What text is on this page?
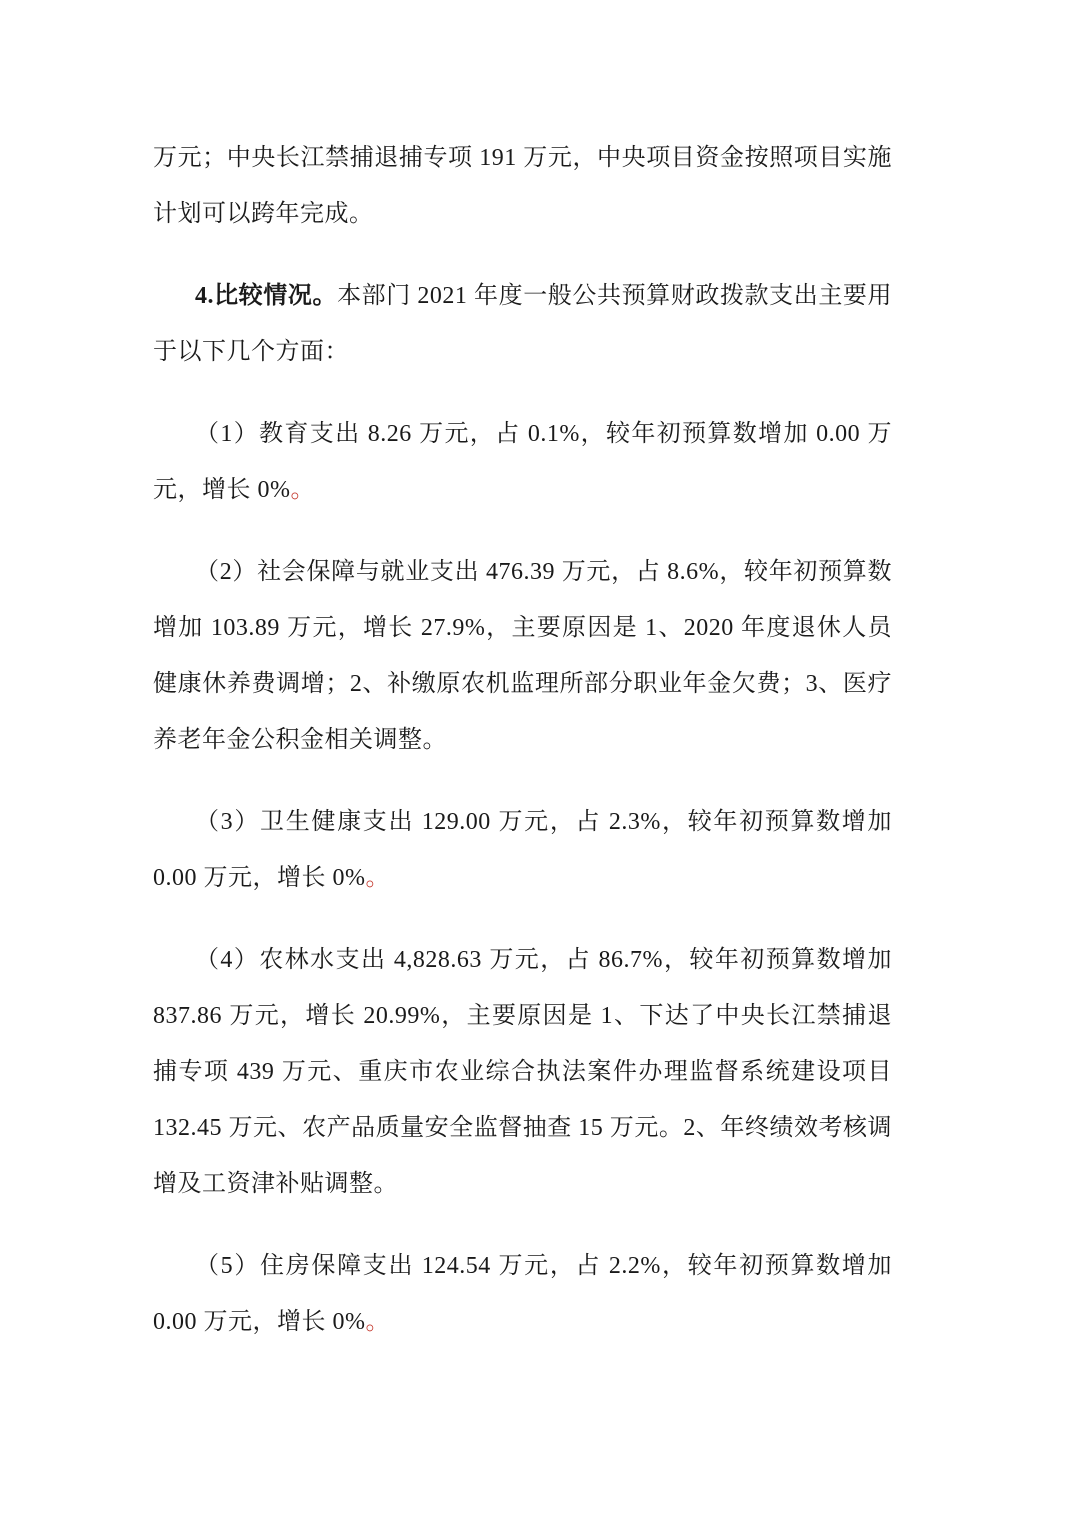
万元；中央长江禁捕退捕专项 191 万元，中央项目资金按照项目实施计划可以跨年完成。

4.比较情况。本部门 2021 年度一般公共预算财政拨款支出主要用于以下几个方面：

（1）教育支出 8.26 万元，占 0.1%，较年初预算数增加 0.00 万元，增长 0%。

（2）社会保障与就业支出 476.39 万元，占 8.6%，较年初预算数增加 103.89 万元，增长 27.9%，主要原因是 1、2020 年度退休人员健康休养费调增；2、补缴原农机监理所部分职业年金欠费；3、医疗养老年金公积金相关调整。

（3）卫生健康支出 129.00 万元，占 2.3%，较年初预算数增加 0.00 万元，增长 0%。

（4）农林水支出 4,828.63 万元，占 86.7%，较年初预算数增加 837.86 万元，增长 20.99%，主要原因是 1、下达了中央长江禁捕退捕专项 439 万元、重庆市农业综合执法案件办理监督系统建设项目 132.45 万元、农产品质量安全监督抽查 15 万元。2、年终绩效考核调增及工资津补贴调整。

（5）住房保障支出 124.54 万元，占 2.2%，较年初预算数增加 0.00 万元，增长 0%。
